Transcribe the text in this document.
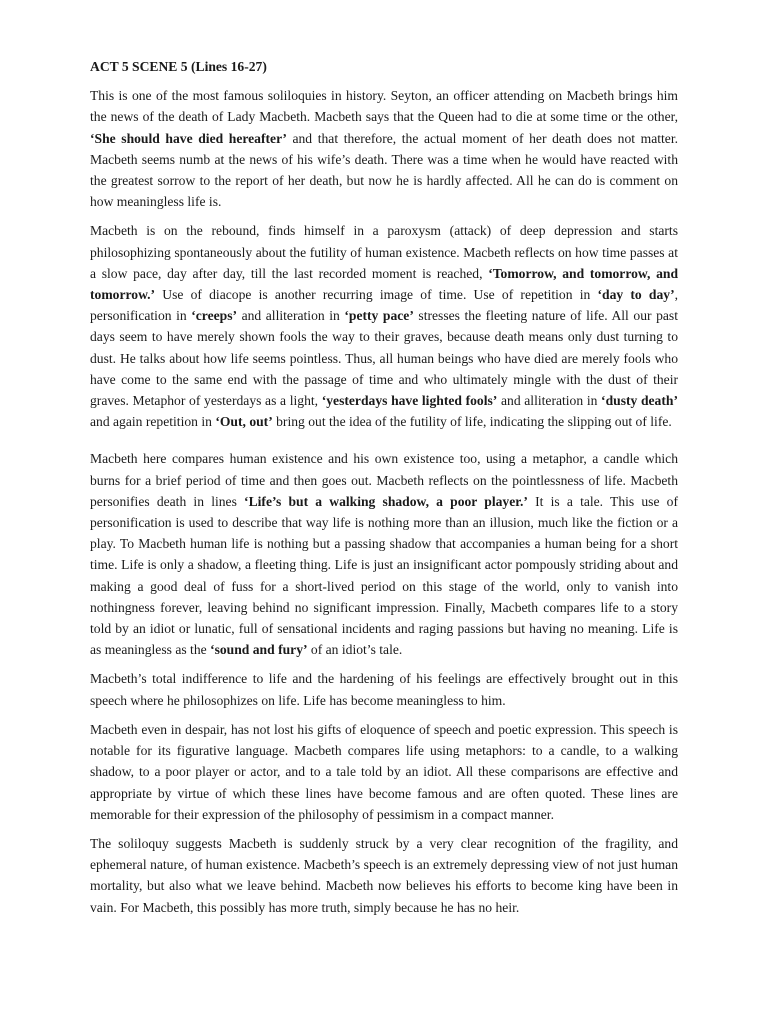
ACT 5 SCENE 5 (Lines 16-27)

This is one of the most famous soliloquies in history. Seyton, an officer attending on Macbeth brings him the news of the death of Lady Macbeth. Macbeth says that the Queen had to die at some time or the other, ‘She should have died hereafter’ and that therefore, the actual moment of her death does not matter. Macbeth seems numb at the news of his wife’s death. There was a time when he would have reacted with the greatest sorrow to the report of her death, but now he is hardly affected. All he can do is comment on how meaningless life is.

Macbeth is on the rebound, finds himself in a paroxysm (attack) of deep depression and starts philosophizing spontaneously about the futility of human existence. Macbeth reflects on how time passes at a slow pace, day after day, till the last recorded moment is reached, ‘Tomorrow, and tomorrow, and tomorrow.’ Use of diacope is another recurring image of time. Use of repetition in ‘day to day’, personification in ‘creeps’ and alliteration in ‘petty pace’ stresses the fleeting nature of life. All our past days seem to have merely shown fools the way to their graves, because death means only dust turning to dust. He talks about how life seems pointless. Thus, all human beings who have died are merely fools who have come to the same end with the passage of time and who ultimately mingle with the dust of their graves. Metaphor of yesterdays as a light, ‘yesterdays have lighted fools’ and alliteration in ‘dusty death’ and again repetition in ‘Out, out’ bring out the idea of the futility of life, indicating the slipping out of life.

Macbeth here compares human existence and his own existence too, using a metaphor, a candle which burns for a brief period of time and then goes out. Macbeth reflects on the pointlessness of life. Macbeth personifies death in lines ‘Life’s but a walking shadow, a poor player.’ It is a tale. This use of personification is used to describe that way life is nothing more than an illusion, much like the fiction or a play. To Macbeth human life is nothing but a passing shadow that accompanies a human being for a short time. Life is only a shadow, a fleeting thing. Life is just an insignificant actor pompously striding about and making a good deal of fuss for a short-lived period on this stage of the world, only to vanish into nothingness forever, leaving behind no significant impression. Finally, Macbeth compares life to a story told by an idiot or lunatic, full of sensational incidents and raging passions but having no meaning. Life is as meaningless as the ‘sound and fury’ of an idiot’s tale.

Macbeth’s total indifference to life and the hardening of his feelings are effectively brought out in this speech where he philosophizes on life. Life has become meaningless to him.

Macbeth even in despair, has not lost his gifts of eloquence of speech and poetic expression. This speech is notable for its figurative language. Macbeth compares life using metaphors: to a candle, to a walking shadow, to a poor player or actor, and to a tale told by an idiot. All these comparisons are effective and appropriate by virtue of which these lines have become famous and are often quoted. These lines are memorable for their expression of the philosophy of pessimism in a compact manner.

The soliloquy suggests Macbeth is suddenly struck by a very clear recognition of the fragility, and ephemeral nature, of human existence. Macbeth’s speech is an extremely depressing view of not just human mortality, but also what we leave behind. Macbeth now believes his efforts to become king have been in vain. For Macbeth, this possibly has more truth, simply because he has no heir.
